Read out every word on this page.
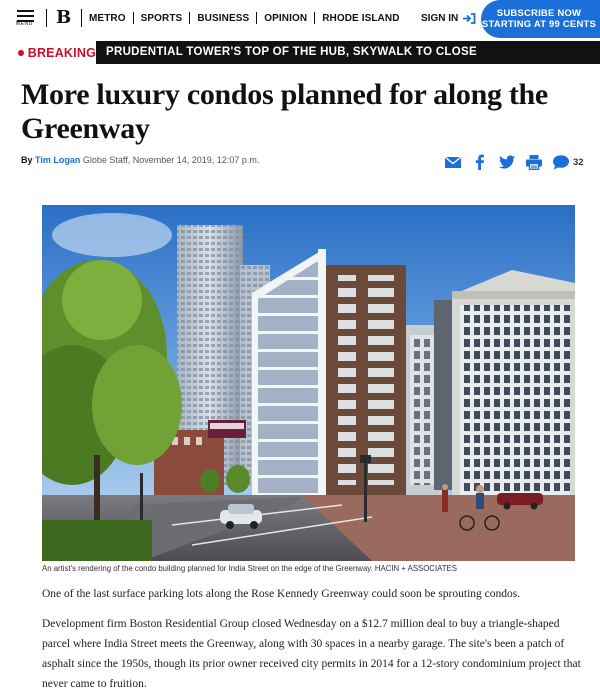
MENU B METRO SPORTS BUSINESS OPINION RHODE ISLAND SIGN IN	SUBSCRIBE NOW
STARTING AT 99 CENTS
BREAKING PRUDENTIAL TOWER'S TOP OF THE HUB, SKYWALK TO CLOSE
More luxury condos planned for along the Greenway
By Tim Logan Globe Staff, November 14, 2019, 12:07 p.m.	32
An artist's rendering of the condo building planned for India Street on the edge of the Greenway. HACIN + ASSOCIATES

One of the last surface parking lots along the Rose Kennedy Greenway could soon be sprouting condos.

Development firm Boston Residential Group closed Wednesday on a $12.7 million deal to buy a triangle-shaped parcel where India Street meets the Greenway, along with 30 spaces in a nearby garage. The site's been a patch of asphalt since the 1950s, though its prior owner received city permits in 2014 for a 12-story condominium project that never came to fruition.
